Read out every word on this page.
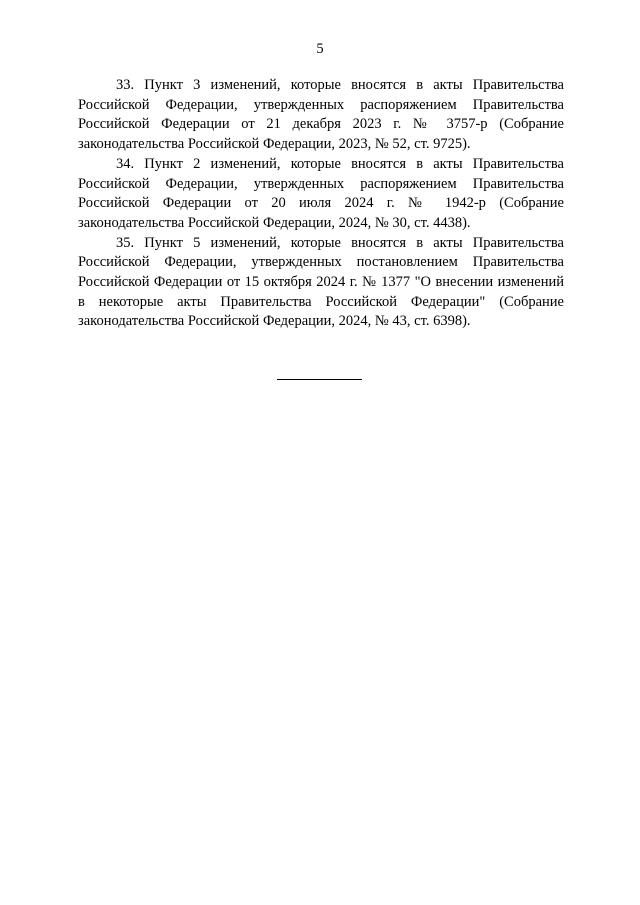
5

33. Пункт 3 изменений, которые вносятся в акты Правительства Российской Федерации, утвержденных распоряжением Правительства Российской Федерации от 21 декабря 2023 г. № 3757-р (Собрание законодательства Российской Федерации, 2023, № 52, ст. 9725).

34. Пункт 2 изменений, которые вносятся в акты Правительства Российской Федерации, утвержденных распоряжением Правительства Российской Федерации от 20 июля 2024 г. № 1942-р (Собрание законодательства Российской Федерации, 2024, № 30, ст. 4438).

35. Пункт 5 изменений, которые вносятся в акты Правительства Российской Федерации, утвержденных постановлением Правительства Российской Федерации от 15 октября 2024 г. № 1377 "О внесении изменений в некоторые акты Правительства Российской Федерации" (Собрание законодательства Российской Федерации, 2024, № 43, ст. 6398).
